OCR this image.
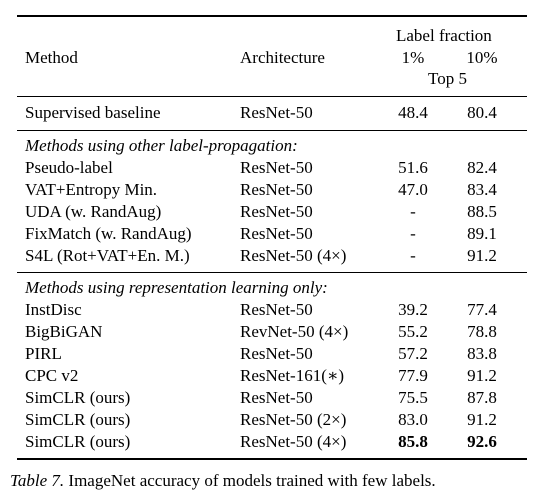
Label fraction
Method	Architecture	1%	10%
Top 5
Supervised baseline	ResNet-50	48.4	80.4
Methods using other label-propagation:
Pseudo-label	ResNet-50	51.6	82.4
VAT+Entropy Min.	ResNet-50	47.0	83.4
UDA (w. RandAug)	ResNet-50	-	88.5
FixMatch (w. RandAug)	ResNet-50	-	89.1
S4L (Rot+VAT+En. M.)	ResNet-50 (4×)	-	91.2
Methods using representation learning only:
InstDisc	ResNet-50	39.2	77.4
BigBiGAN	RevNet-50 (4×)	55.2	78.8
PIRL	ResNet-50	57.2	83.8
CPC v2	ResNet-161(∗)	77.9	91.2
SimCLR (ours)	ResNet-50	75.5	87.8
SimCLR (ours)	ResNet-50 (2×)	83.0	91.2
SimCLR (ours)	ResNet-50 (4×)	85.8	92.6
Table 7. ImageNet accuracy of models trained with few labels.
